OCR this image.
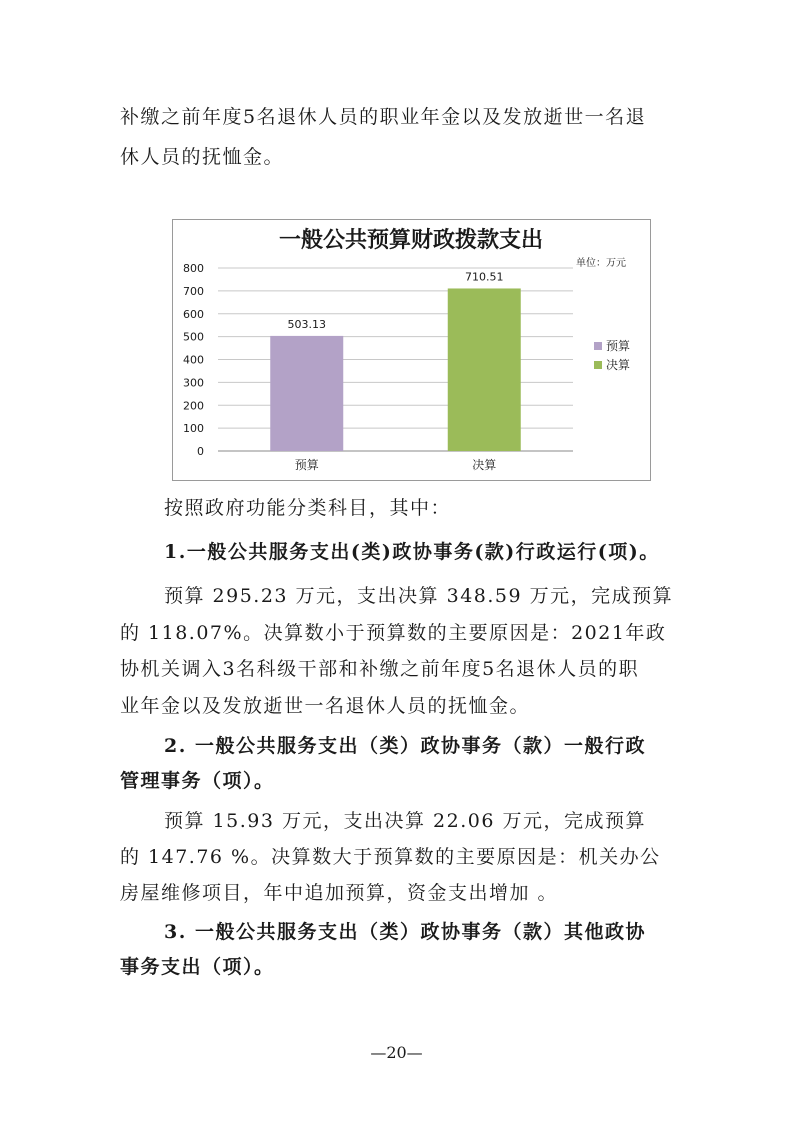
补缴之前年度5名退休人员的职业年金以及发放逝世一名退
休人员的抚恤金。
一般公共预算财政拨款支出
单位：万元
0
100
200
300
400
500
600
700
800
503.13
预算
710.51
决算
预算
决算
按照政府功能分类科目，其中：
1.一般公共服务支出(类)政协事务(款)行政运行(项)。
预算 295.23 万元，支出决算 348.59 万元，完成预算
的 118.07%。决算数小于预算数的主要原因是：2021年政
协机关调入3名科级干部和补缴之前年度5名退休人员的职
业年金以及发放逝世一名退休人员的抚恤金。
2. 一般公共服务支出（类）政协事务（款）一般行政
管理事务（项）。
预算 15.93 万元，支出决算 22.06 万元，完成预算
的 147.76 %。决算数大于预算数的主要原因是：机关办公
房屋维修项目，年中追加预算，资金支出增加 。
3. 一般公共服务支出（类）政协事务（款）其他政协
事务支出（项）。
—20—
